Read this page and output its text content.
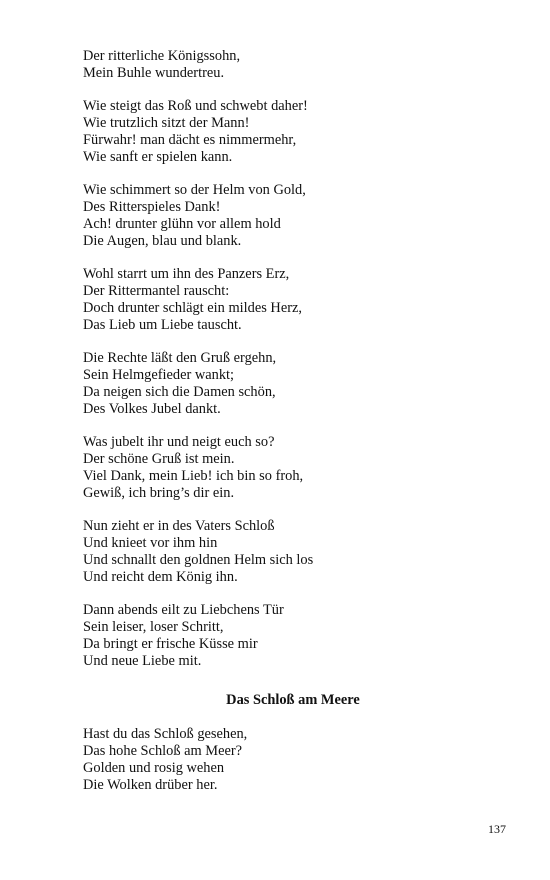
Der ritterliche Königssohn,
Mein Buhle wundertreu.
Wie steigt das Roß und schwebt daher!
Wie trutzlich sitzt der Mann!
Fürwahr! man dächt es nimmermehr,
Wie sanft er spielen kann.
Wie schimmert so der Helm von Gold,
Des Ritterspieles Dank!
Ach! drunter glühn vor allem hold
Die Augen, blau und blank.
Wohl starrt um ihn des Panzers Erz,
Der Rittermantel rauscht:
Doch drunter schlägt ein mildes Herz,
Das Lieb um Liebe tauscht.
Die Rechte läßt den Gruß ergehn,
Sein Helmgefieder wankt;
Da neigen sich die Damen schön,
Des Volkes Jubel dankt.
Was jubelt ihr und neigt euch so?
Der schöne Gruß ist mein.
Viel Dank, mein Lieb! ich bin so froh,
Gewiß, ich bring’s dir ein.
Nun zieht er in des Vaters Schloß
Und knieet vor ihm hin
Und schnallt den goldnen Helm sich los
Und reicht dem König ihn.
Dann abends eilt zu Liebchens Tür
Sein leiser, loser Schritt,
Da bringt er frische Küsse mir
Und neue Liebe mit.
Das Schloß am Meere
Hast du das Schloß gesehen,
Das hohe Schloß am Meer?
Golden und rosig wehen
Die Wolken drüber her.
137
